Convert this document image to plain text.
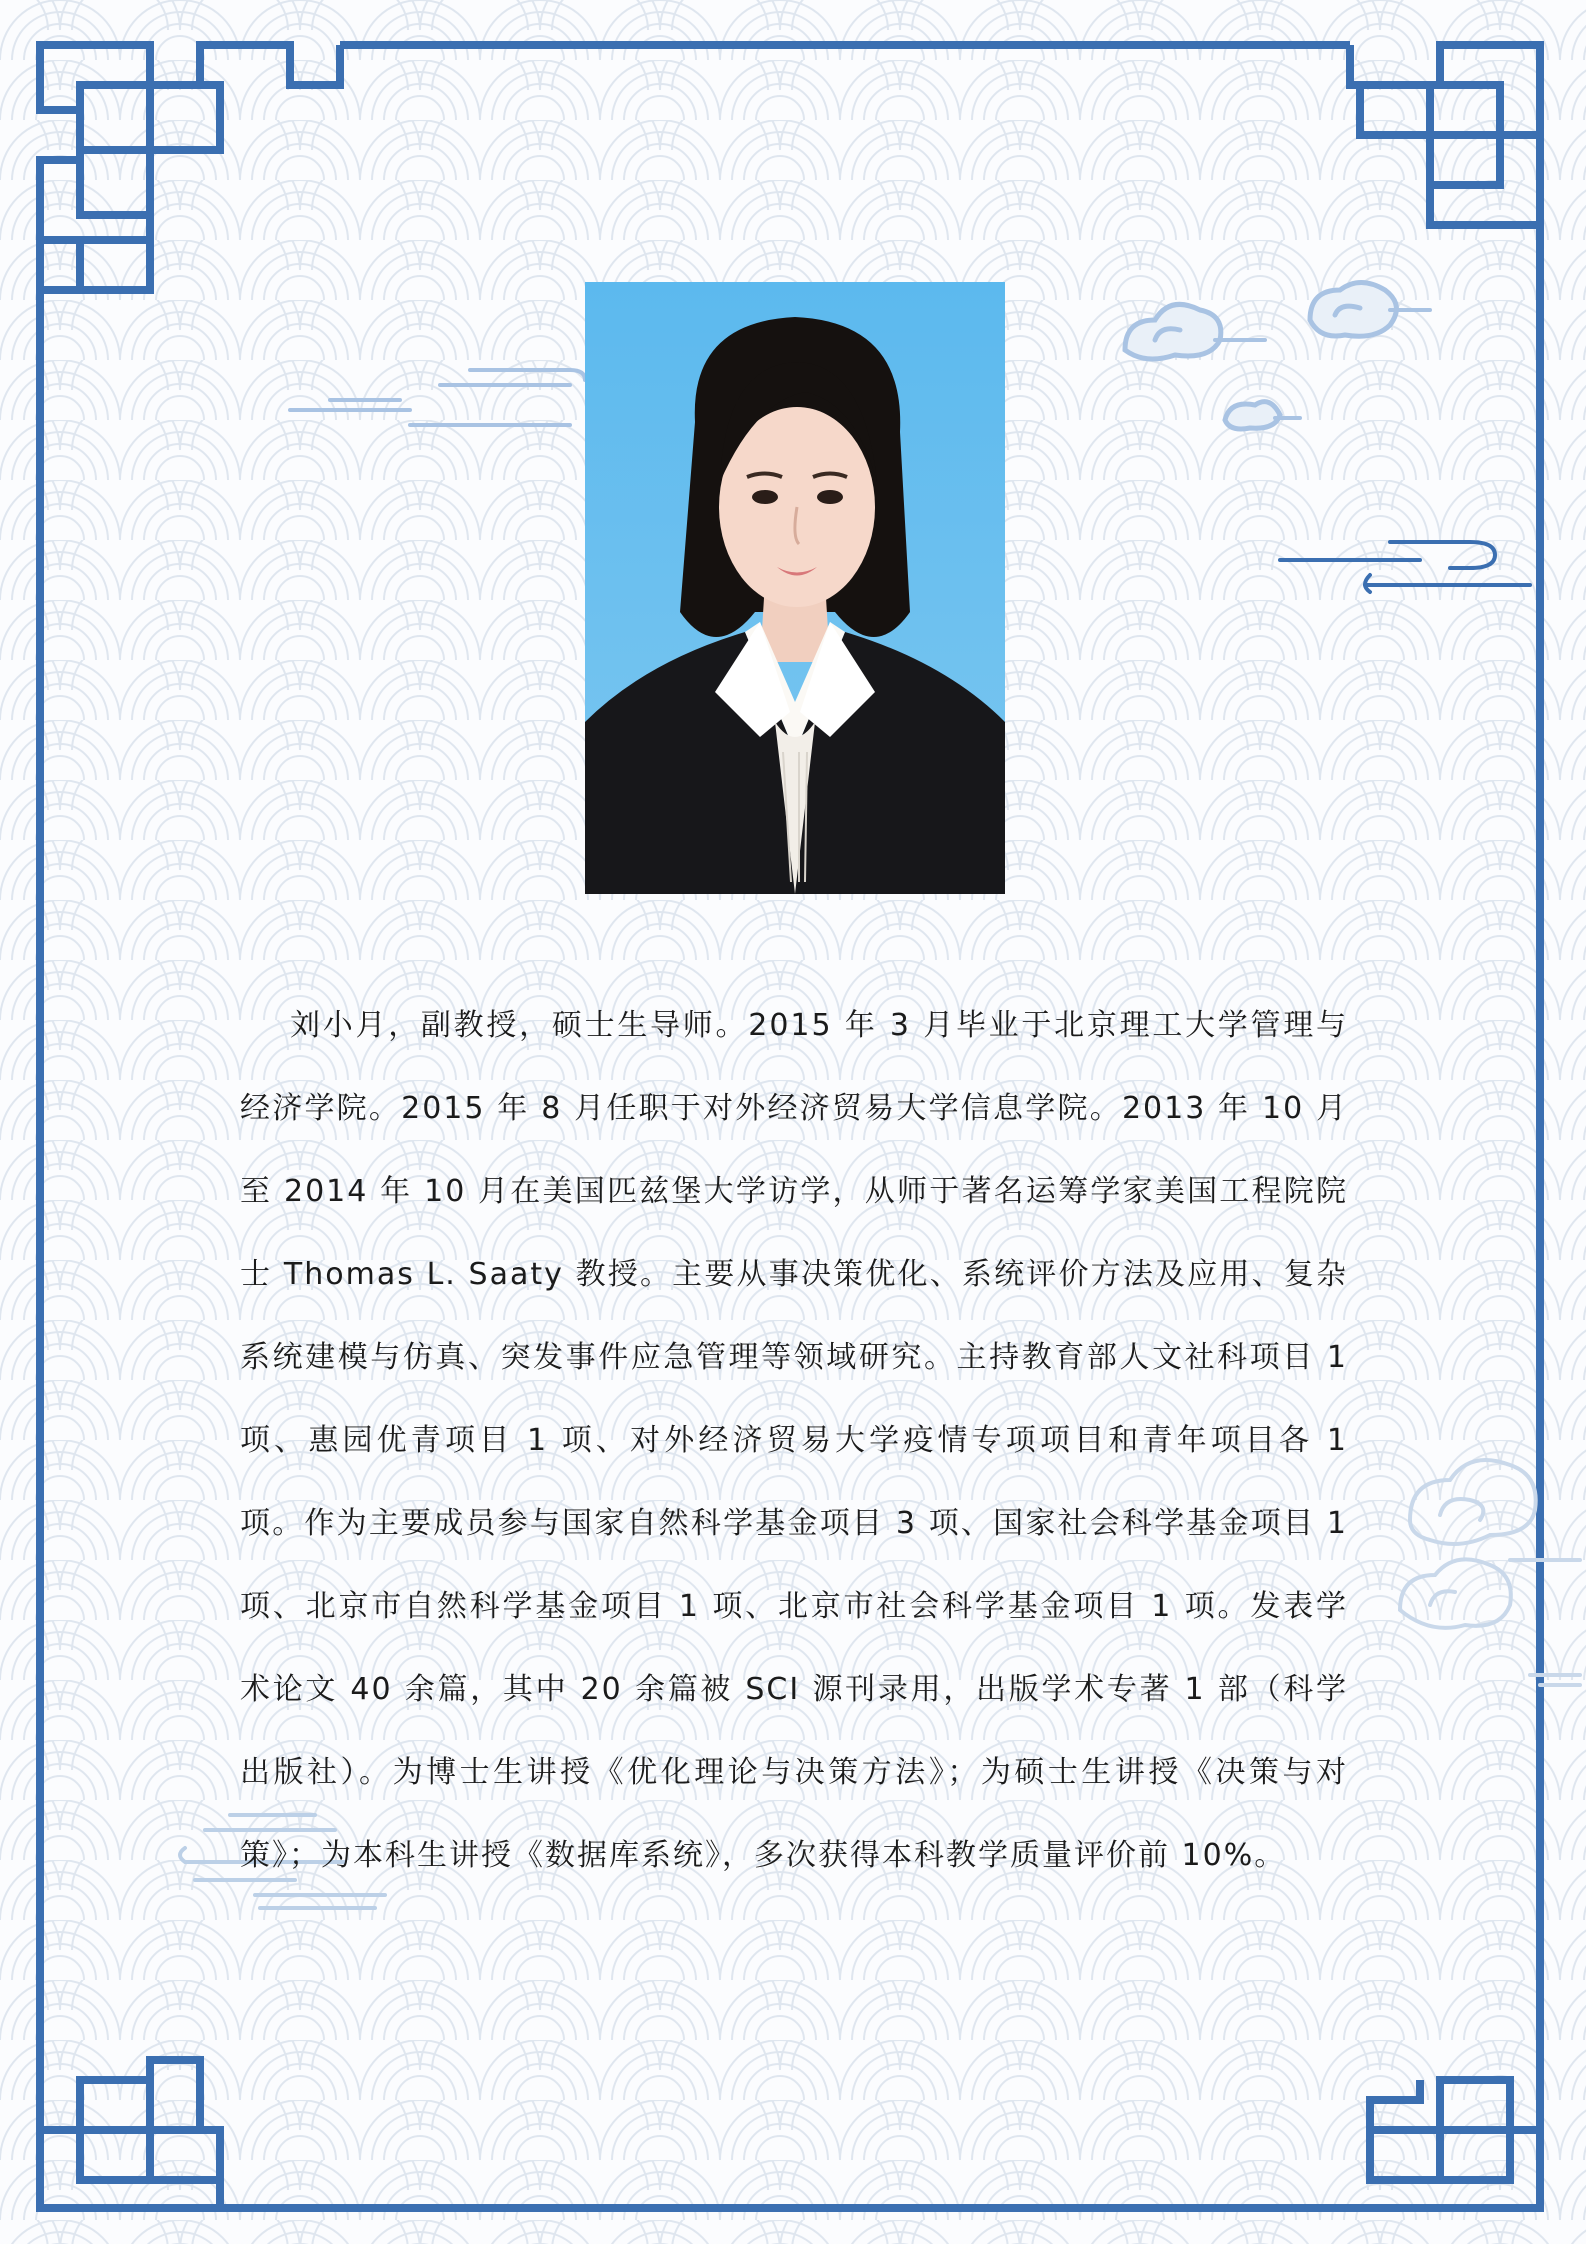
刘小月，副教授，硕士生导师。2015 年 3 月毕业于北京理工大学管理与经济学院。2015 年 8 月任职于对外经济贸易大学信息学院。2013 年 10 月至 2014 年 10 月在美国匹兹堡大学访学，从师于著名运筹学家美国工程院院士 Thomas L. Saaty 教授。主要从事决策优化、系统评价方法及应用、复杂系统建模与仿真、突发事件应急管理等领域研究。主持教育部人文社科项目 1 项、惠园优青项目 1 项、对外经济贸易大学疫情专项项目和青年项目各 1 项。作为主要成员参与国家自然科学基金项目 3 项、国家社会科学基金项目 1 项、北京市自然科学基金项目 1 项、北京市社会科学基金项目 1 项。发表学术论文 40 余篇，其中 20 余篇被 SCI 源刊录用，出版学术专著 1 部（科学出版社）。为博士生讲授《优化理论与决策方法》；为硕士生讲授《决策与对策》；为本科生讲授《数据库系统》，多次获得本科教学质量评价前 10%。
